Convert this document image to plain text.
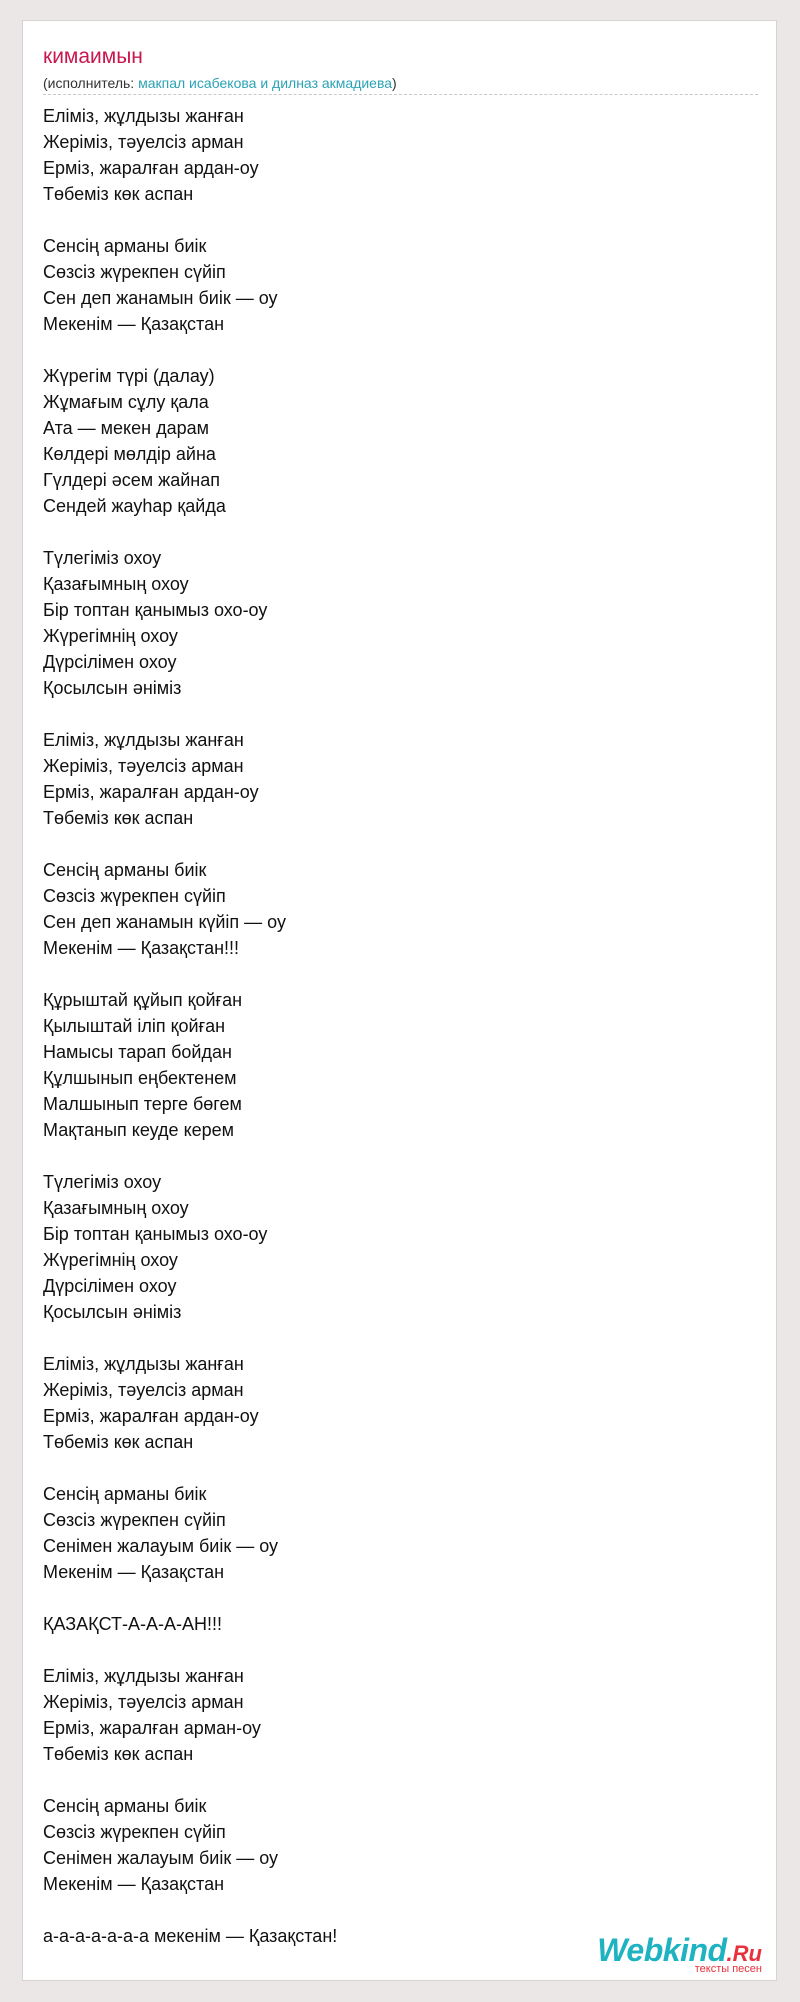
кимаимын
(исполнитель: макпал исабекова и дилназ акмадиева)
Еліміз, жұлдызы жанған
Жеріміз, тәуелсіз арман
Ерміз, жаралған ардан-оу
Төбеміз көк аспан
Сенсің арманы биік
Сөзсіз жүрекпен сүйіп
Сен деп жанамын биік — оу
Мекенім — Қазақстан
Жүрегім түрі (далау)
Жұмағым сұлу қала
Ата — мекен дарам
Көлдері мөлдір айна
Гүлдері әсем жайнап
Сендей жауһар қайда
Түлегіміз охоу
Қазағымның охоу
Бір топтан қанымыз охо-оу
Жүрегімнің охоу
Дүрсілімен охоу
Қосылсын әніміз
Еліміз, жұлдызы жанған
Жеріміз, тәуелсіз арман
Ерміз, жаралған ардан-оу
Төбеміз көк аспан
Сенсің арманы биік
Сөзсіз жүрекпен сүйіп
Сен деп жанамын күйіп — оу
Мекенім — Қазақстан!!!
Құрыштай құйып қойған
Қылыштай іліп қойған
Намысы тарап бойдан
Құлшынып еңбектенем
Малшынып терге бөгем
Мақтанып кеуде керем
Түлегіміз охоу
Қазағымның охоу
Бір топтан қанымыз охо-оу
Жүрегімнің охоу
Дүрсілімен охоу
Қосылсын әніміз
Еліміз, жұлдызы жанған
Жеріміз, тәуелсіз арман
Ерміз, жаралған ардан-оу
Төбеміз көк аспан
Сенсің арманы биік
Сөзсіз жүрекпен сүйіп
Сенімен жалауым биік — оу
Мекенім — Қазақстан
ҚАЗАҚСТ-А-А-А-АН!!!
Еліміз, жұлдызы жанған
Жеріміз, тәуелсіз арман
Ерміз, жаралған арман-оу
Төбеміз көк аспан
Сенсің арманы биік
Сөзсіз жүрекпен сүйіп
Сенімен жалауым биік — оу
Мекенім — Қазақстан
а-а-а-а-а-а-а мекенім — Қазақстан!	Webkind.Ru
тексты песен
